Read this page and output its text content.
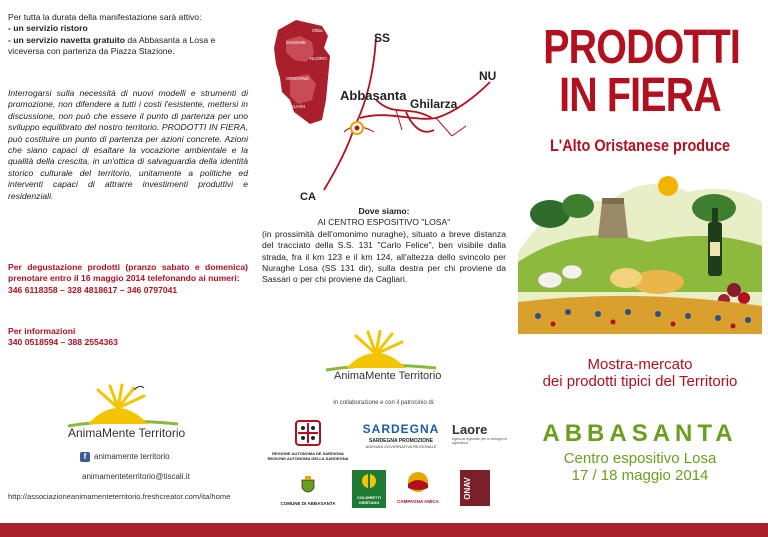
Per tutta la durata della manifestazione sarà attivo:
- un servizio ristoro
- un servizio navetta gratuito da Abbasanta a Losa e viceversa con partenza da Piazza Stazione.
Interrogarsi sulla necessità di nuovi modelli e strumenti di promozione, non difendere a tutti i costi l'esistente, mettersi in discussione, non può che essere il punto di partenza per uno sviluppo equilibrato del nostro territorio. PRODOTTI IN FIERA, può costituire un punto di partenza per azioni concrete. Azioni che siano capaci di esaltare la vocazione ambientale e la qualità della crescita, in un'ottica di salvaguardia della identità storico culturale del territorio, unitamente a politiche ed interventi capaci di attrarre investimenti produttivi e residenziali.
Per degustazione prodotti (pranzo sabato e domenica) prenotare entro il 16 maggio 2014 telefonando ai numeri:
346 6118358 – 328 4818617 – 346 0797041
Per informazioni
340 0518594 – 388 2554363
AnimaMente Territorio
f animamente territorio
animamenteterritorio@tiscali.it
http://associazioneanimamenteterritorio.freshcreator.com/ita/home
Olbia
SASSARI
NUORO
ORISTANO
CAGLIARI
SS
NU
Abbasanta
Ghilarza
CA
Dove siamo:
AI CENTRO ESPOSITIVO "LOSA"
(in prossimità dell'omonimo nuraghe), situato a breve distanza del tracciato della S.S. 131 "Carlo Felice", ben visibile dalla strada, fra il km 123 e il km 124, all'altezza dello svincolo per Nuraghe Losa (SS 131 dir), sulla destra per chi proviene da Sassari o per chi proviene da Cagliari.
AnimaMente Territorio
In collaborazione e con il patrocinio di:
REGIONE AUTONOMA DE SARDIGNA
REGIONE AUTONOMA DELLA SARDEGNA
SARDEGNA
SARDEGNA PROMOZIONE
AGENZIA GOVERNATIVA REGIONALE
Laore
Agenzia regionale per lo sviluppo in agricoltura
COMUNE DI ABBASANTA
COLDIRETTI ORISTANO	CAMPAGNA AMICA
ONAV
PRODOTTI
IN FIERA
L'Alto Oristanese produce
Mostra-mercato
dei prodotti tipici del Territorio
ABBASANTA
Centro espositivo Losa
17 / 18 maggio 2014
